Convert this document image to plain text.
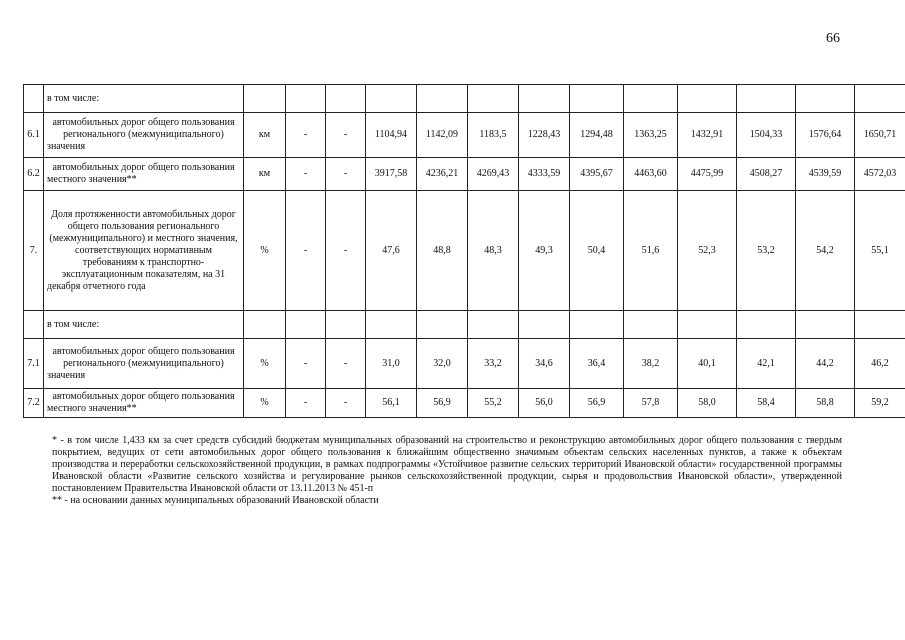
66
	в том числе:													
6.1	автомобильных дорог общего пользования регионального (межмуниципального) значения	км	-	-	1104,94	1142,09	1183,5	1228,43	1294,48	1363,25	1432,91	1504,33	1576,64	1650,71
6.2	автомобильных дорог общего пользования местного значения**	км	-	-	3917,58	4236,21	4269,43	4333,59	4395,67	4463,60	4475,99	4508,27	4539,59	4572,03
7.	Доля протяженности автомобильных дорог общего пользования регионального (межмуниципального) и местного значения, соответствующих нормативным требованиям к транспортно-эксплуатационным показателям, на 31 декабря отчетного года	%	-	-	47,6	48,8	48,3	49,3	50,4	51,6	52,3	53,2	54,2	55,1
	в том числе:													
7.1	автомобильных дорог общего пользования регионального (межмуниципального) значения	%	-	-	31,0	32,0	33,2	34,6	36,4	38,2	40,1	42,1	44,2	46,2
7.2	автомобильных дорог общего пользования местного значения**	%	-	-	56,1	56,9	55,2	56,0	56,9	57,8	58,0	58,4	58,8	59,2

* - в том числе 1,433 км за счет средств субсидий бюджетам муниципальных образований на строительство и реконструкцию автомобильных дорог общего пользования с твердым покрытием, ведущих от сети автомобильных дорог общего пользования к ближайшим общественно значимым объектам сельских населенных пунктов, а также к объектам производства и переработки сельскохозяйственной продукции, в рамках подпрограммы «Устойчивое развитие сельских территорий Ивановской области» государственной программы Ивановской области «Развитие сельского хозяйства и регулирование рынков сельскохозяйственной продукции, сырья и продовольствия Ивановской области», утвержденной постановлением Правительства Ивановской области от 13.11.2013 № 451-п

** - на основании данных муниципальных образований Ивановской области
